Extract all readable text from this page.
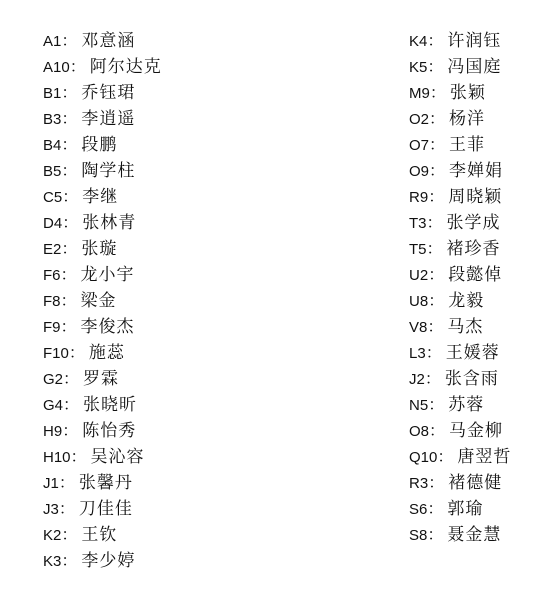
A1： 邓意涵
A10： 阿尔达克
B1： 乔钰珺
B3： 李逍遥
B4： 段鹏
B5： 陶学柱
C5： 李继
D4： 张林青
E2： 张璇
F6： 龙小宇
F8： 梁金
F9： 李俊杰
F10： 施蕊
G2： 罗霖
G4： 张晓昕
H9： 陈怡秀
H10： 吴沁容
J1： 张馨丹
J3： 刀佳佳
K2： 王钦
K3： 李少婷
K4： 许润钰
K5： 冯国庭
M9： 张颖
O2： 杨洋
O7： 王菲
O9： 李婵娟
R9： 周晓颖
T3： 张学成
T5： 褚珍香
U2： 段懿倬
U8： 龙毅
V8： 马杰
L3： 王媛蓉
J2： 张含雨
N5： 苏蓉
O8： 马金柳
Q10： 唐翌哲
R3： 褚德健
S6： 郭瑜
S8： 聂金慧
